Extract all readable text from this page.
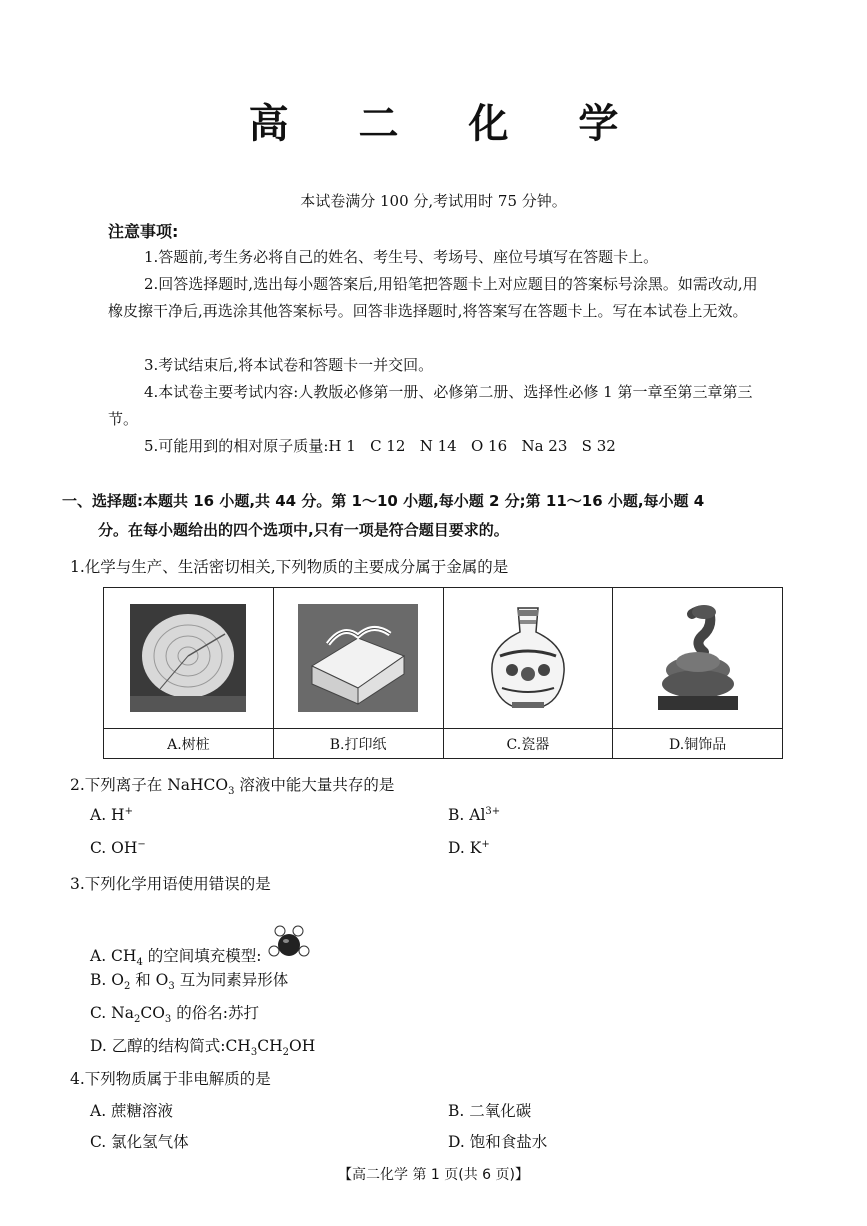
高 二 化 学
本试卷满分 100 分,考试用时 75 分钟。
注意事项:
1.答题前,考生务必将自己的姓名、考生号、考场号、座位号填写在答题卡上。
2.回答选择题时,选出每小题答案后,用铅笔把答题卡上对应题目的答案标号涂黑。如需改动,用橡皮擦干净后,再选涂其他答案标号。回答非选择题时,将答案写在答题卡上。写在本试卷上无效。
3.考试结束后,将本试卷和答题卡一并交回。
4.本试卷主要考试内容:人教版必修第一册、必修第二册、选择性必修 1 第一章至第三章第三节。
5.可能用到的相对原子质量:H 1   C 12   N 14   O 16   Na 23   S 32
一、选择题:本题共 16 小题,共 44 分。第 1～10 小题,每小题 2 分;第 11～16 小题,每小题 4
分。在每小题给出的四个选项中,只有一项是符合题目要求的。
1.化学与生产、生活密切相关,下列物质的主要成分属于金属的是

A.树桩	B.打印纸	C.瓷器	D.铜饰品
2.下列离子在 NaHCO$_3$ 溶液中能大量共存的是
A. H+	B. $Al^{3+}$
C. OH−	D. K+
3.下列化学用语使用错误的是
A. $CH_4$ 的空间填充模型:
B. $O_2$ 和 $O_3$ 互为同素异形体
C. $Na_2CO_3$ 的俗名:苏打
D. 乙醇的结构简式$:CH_3CH_2OH$
4.下列物质属于非电解质的是
A. 蔗糖溶液	B. 二氧化碳
C. 氯化氢气体	D. 饱和食盐水
【高二化学 第 1 页(共 6 页)】
